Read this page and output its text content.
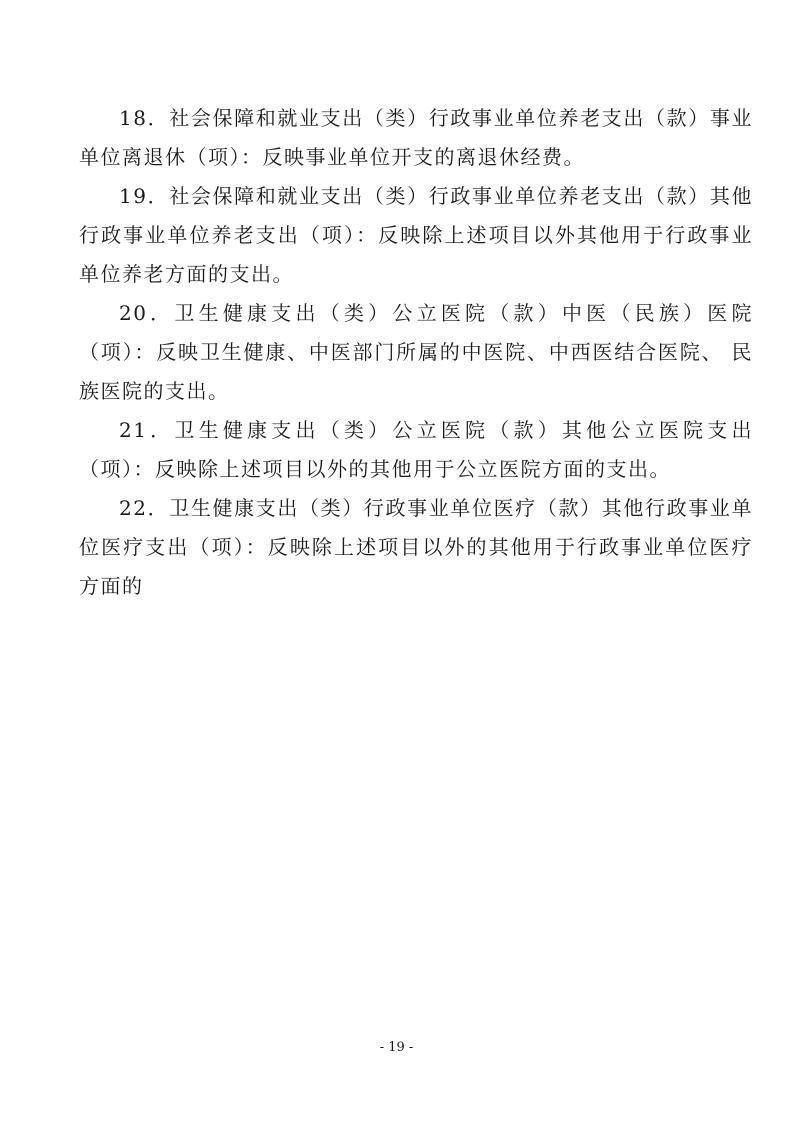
18．社会保障和就业支出（类）行政事业单位养老支出（款）事业单位离退休（项）：反映事业单位开支的离退休经费。

19．社会保障和就业支出（类）行政事业单位养老支出（款）其他行政事业单位养老支出（项）：反映除上述项目以外其他用于行政事业单位养老方面的支出。

20．卫生健康支出（类）公立医院（款）中医（民族）医院（项）：反映卫生健康、中医部门所属的中医院、中西医结合医院、 民族医院的支出。

21．卫生健康支出（类）公立医院（款）其他公立医院支出（项）：反映除上述项目以外的其他用于公立医院方面的支出。

22．卫生健康支出（类）行政事业单位医疗（款）其他行政事业单位医疗支出（项）：反映除上述项目以外的其他用于行政事业单位医疗方面的

- 19 -
